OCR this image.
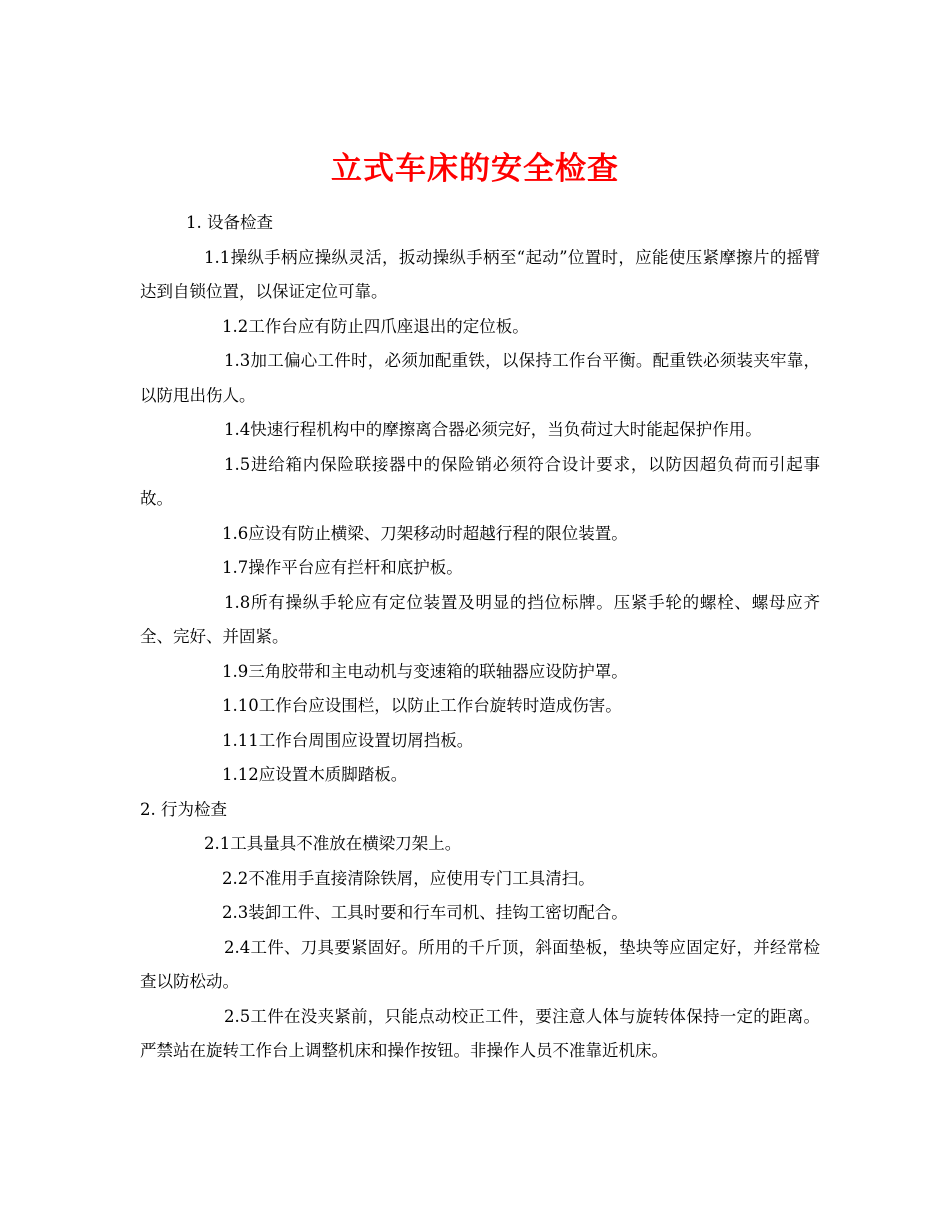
立式车床的安全检查

1. 设备检查

1.1操纵手柄应操纵灵活，扳动操纵手柄至“起动”位置时，应能使压紧摩擦片的摇臂达到自锁位置，以保证定位可靠。

1.2工作台应有防止四爪座退出的定位板。

1.3加工偏心工件时，必须加配重铁，以保持工作台平衡。配重铁必须装夹牢靠，以防甩出伤人。

1.4快速行程机构中的摩擦离合器必须完好，当负荷过大时能起保护作用。

1.5进给箱内保险联接器中的保险销必须符合设计要求，以防因超负荷而引起事故。

1.6应设有防止横梁、刀架移动时超越行程的限位装置。

1.7操作平台应有拦杆和底护板。

1.8所有操纵手轮应有定位装置及明显的挡位标牌。压紧手轮的螺栓、螺母应齐全、完好、并固紧。

1.9三角胶带和主电动机与变速箱的联轴器应设防护罩。

1.10工作台应设围栏，以防止工作台旋转时造成伤害。

1.11工作台周围应设置切屑挡板。

1.12应设置木质脚踏板。

2. 行为检查

2.1工具量具不准放在横梁刀架上。

2.2不准用手直接清除铁屑，应使用专门工具清扫。

2.3装卸工件、工具时要和行车司机、挂钩工密切配合。

2.4工件、刀具要紧固好。所用的千斤顶，斜面垫板，垫块等应固定好，并经常检查以防松动。

2.5工件在没夹紧前，只能点动校正工件，要注意人体与旋转体保持一定的距离。严禁站在旋转工作台上调整机床和操作按钮。非操作人员不准靠近机床。
